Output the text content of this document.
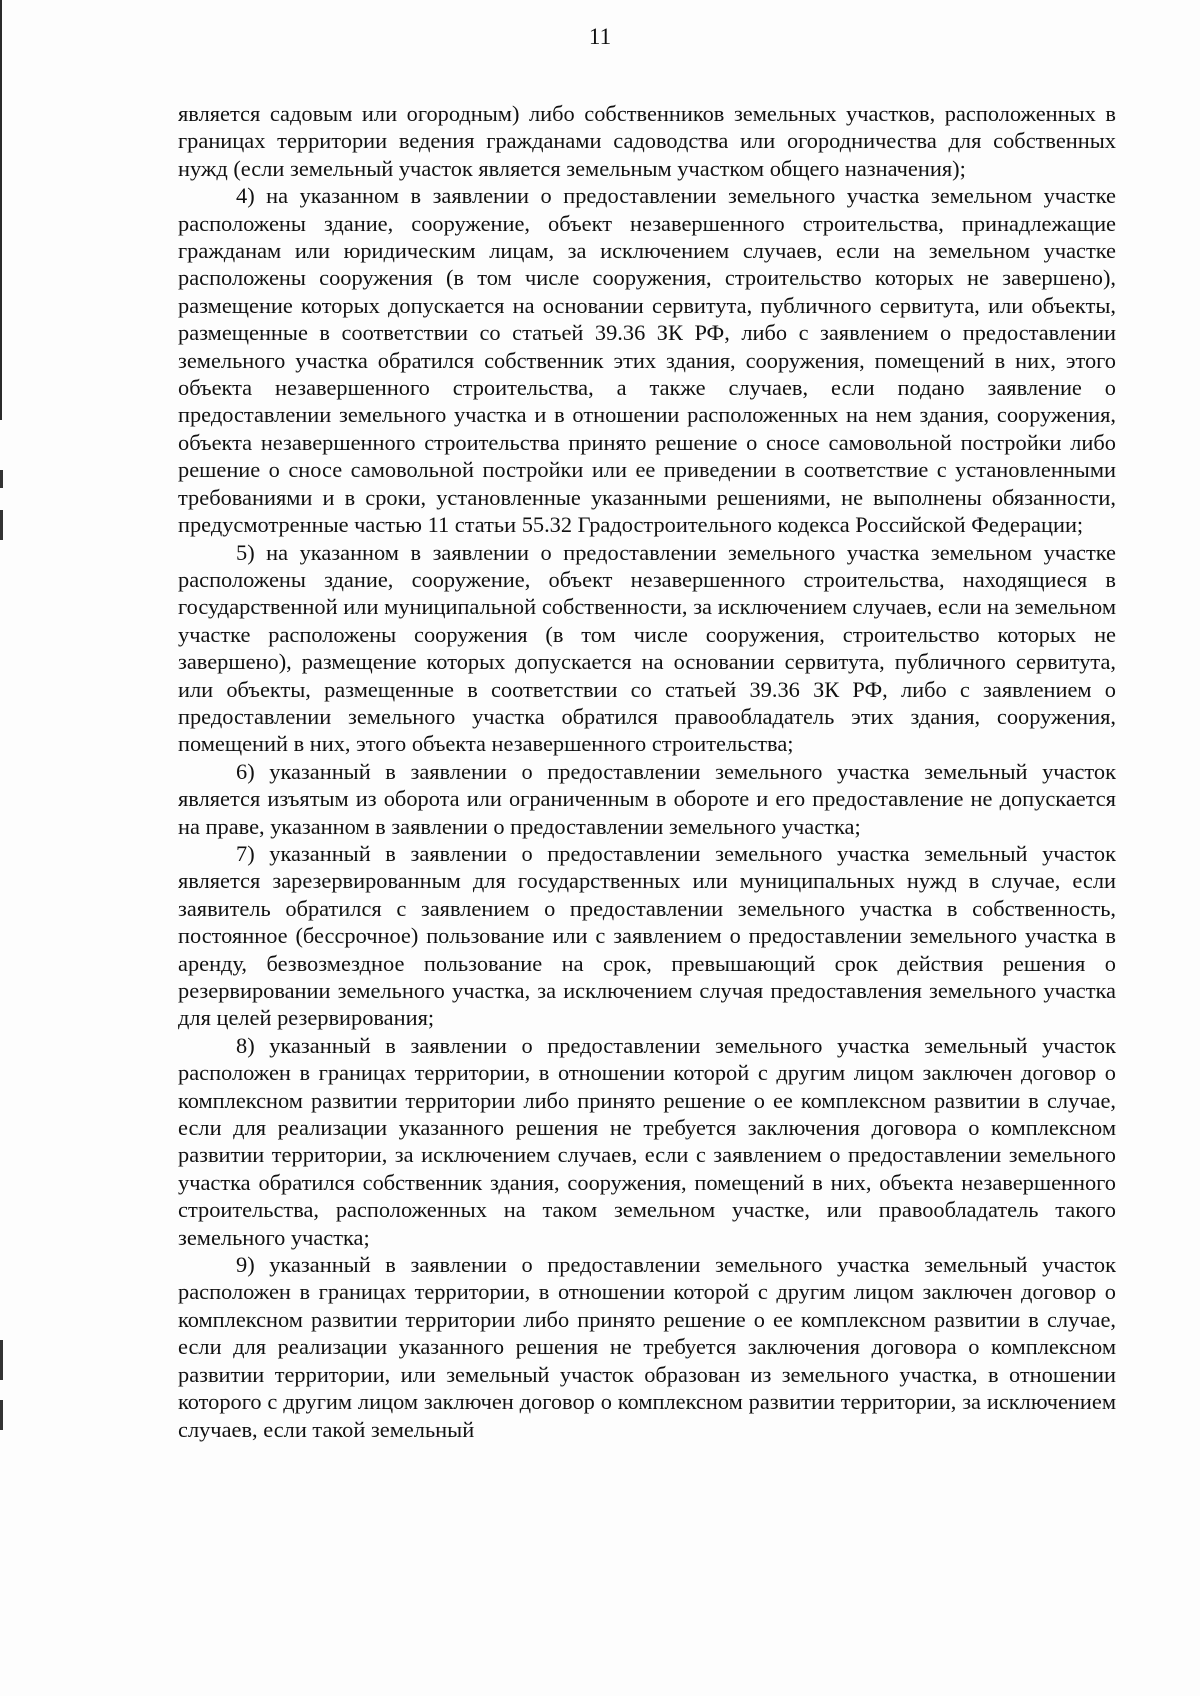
11

является садовым или огородным) либо собственников земельных участков, расположенных в границах территории ведения гражданами садоводства или огородничества для собственных нужд (если земельный участок является земельным участком общего назначения);

4) на указанном в заявлении о предоставлении земельного участка земельном участке расположены здание, сооружение, объект незавершенного строительства, принадлежащие гражданам или юридическим лицам, за исключением случаев, если на земельном участке расположены сооружения (в том числе сооружения, строительство которых не завершено), размещение которых допускается на основании сервитута, публичного сервитута, или объекты, размещенные в соответствии со статьей 39.36 ЗК РФ, либо с заявлением о предоставлении земельного участка обратился собственник этих здания, сооружения, помещений в них, этого объекта незавершенного строительства, а также случаев, если подано заявление о предоставлении земельного участка и в отношении расположенных на нем здания, сооружения, объекта незавершенного строительства принято решение о сносе самовольной постройки либо решение о сносе самовольной постройки или ее приведении в соответствие с установленными требованиями и в сроки, установленные указанными решениями, не выполнены обязанности, предусмотренные частью 11 статьи 55.32 Градостроительного кодекса Российской Федерации;

5) на указанном в заявлении о предоставлении земельного участка земельном участке расположены здание, сооружение, объект незавершенного строительства, находящиеся в государственной или муниципальной собственности, за исключением случаев, если на земельном участке расположены сооружения (в том числе сооружения, строительство которых не завершено), размещение которых допускается на основании сервитута, публичного сервитута, или объекты, размещенные в соответствии со статьей 39.36 ЗК РФ, либо с заявлением о предоставлении земельного участка обратился правообладатель этих здания, сооружения, помещений в них, этого объекта незавершенного строительства;

6) указанный в заявлении о предоставлении земельного участка земельный участок является изъятым из оборота или ограниченным в обороте и его предоставление не допускается на праве, указанном в заявлении о предоставлении земельного участка;

7) указанный в заявлении о предоставлении земельного участка земельный участок является зарезервированным для государственных или муниципальных нужд в случае, если заявитель обратился с заявлением о предоставлении земельного участка в собственность, постоянное (бессрочное) пользование или с заявлением о предоставлении земельного участка в аренду, безвозмездное пользование на срок, превышающий срок действия решения о резервировании земельного участка, за исключением случая предоставления земельного участка для целей резервирования;

8) указанный в заявлении о предоставлении земельного участка земельный участок расположен в границах территории, в отношении которой с другим лицом заключен договор о комплексном развитии территории либо принято решение о ее комплексном развитии в случае, если для реализации указанного решения не требуется заключения договора о комплексном развитии территории, за исключением случаев, если с заявлением о предоставлении земельного участка обратился собственник здания, сооружения, помещений в них, объекта незавершенного строительства, расположенных на таком земельном участке, или правообладатель такого земельного участка;

9) указанный в заявлении о предоставлении земельного участка земельный участок расположен в границах территории, в отношении которой с другим лицом заключен договор о комплексном развитии территории либо принято решение о ее комплексном развитии в случае, если для реализации указанного решения не требуется заключения договора о комплексном развитии территории, или земельный участок образован из земельного участка, в отношении которого с другим лицом заключен договор о комплексном развитии территории, за исключением случаев, если такой земельный
